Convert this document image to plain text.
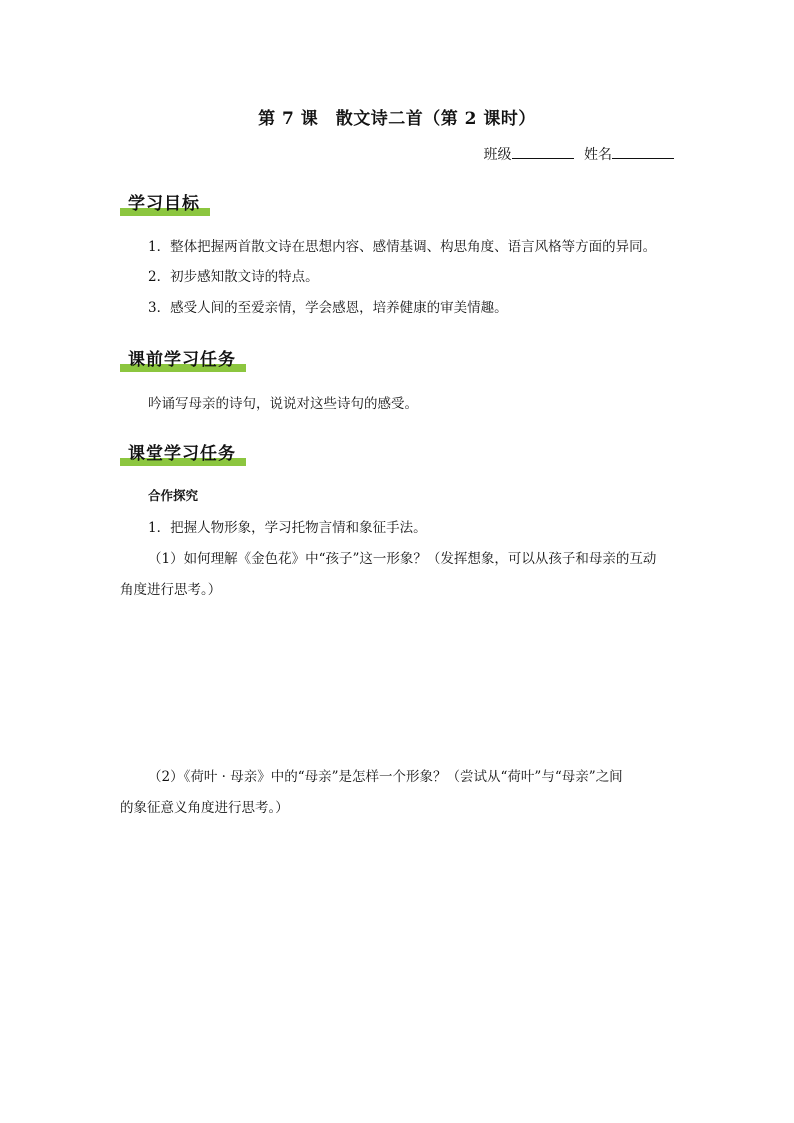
第 7 课　散文诗二首（第 2 课时）
班级	姓名
学习目标
1．整体把握两首散文诗在思想内容、感情基调、构思角度、语言风格等方面的异同。
2．初步感知散文诗的特点。
3．感受人间的至爱亲情，学会感恩，培养健康的审美情趣。
课前学习任务
吟诵写母亲的诗句，说说对这些诗句的感受。
课堂学习任务
合作探究
1．把握人物形象，学习托物言情和象征手法。
（1）如何理解《金色花》中“孩子”这一形象？（发挥想象，可以从孩子和母亲的互动
角度进行思考。）
（2）《荷叶 · 母亲》中的“母亲”是怎样一个形象？（尝试从“荷叶”与“母亲”之间
的象征意义角度进行思考。）
